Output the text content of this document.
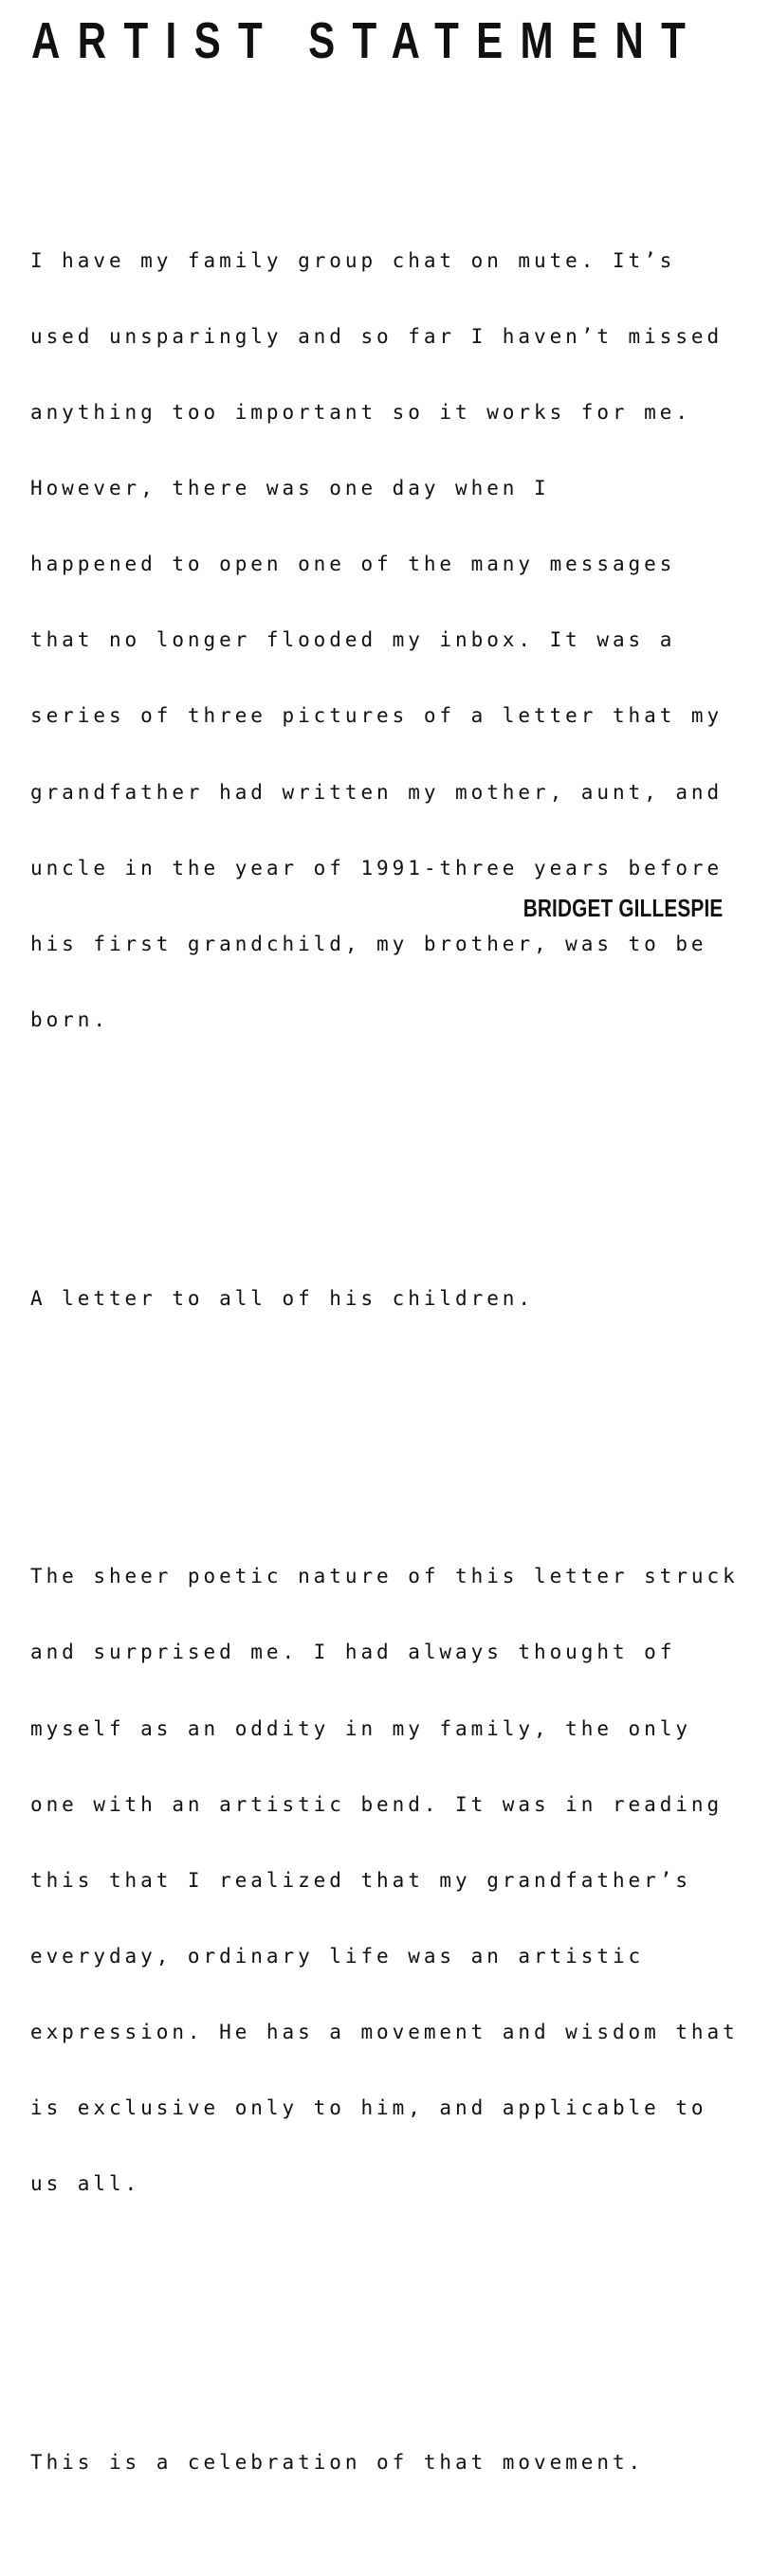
ARTIST STATEMENT

I have my family group chat on mute. It’s

used unsparingly and so far I haven’t missed

anything too important so it works for me.

However, there was one day when I

happened to open one of the many messages

that no longer flooded my inbox. It was a

series of three pictures of a letter that my

grandfather had written my mother, aunt, and

uncle in the year of 1991-three years before

his first grandchild, my brother, was to be

born.

A letter to all of his children.

The sheer poetic nature of this letter struck

and surprised me. I had always thought of

myself as an oddity in my family, the only

one with an artistic bend. It was in reading

this that I realized that my grandfather’s

everyday, ordinary life was an artistic

expression. He has a movement and wisdom that

is exclusive only to him, and applicable to

us all.

This is a celebration of that movement.

BRIDGET GILLESPIE
